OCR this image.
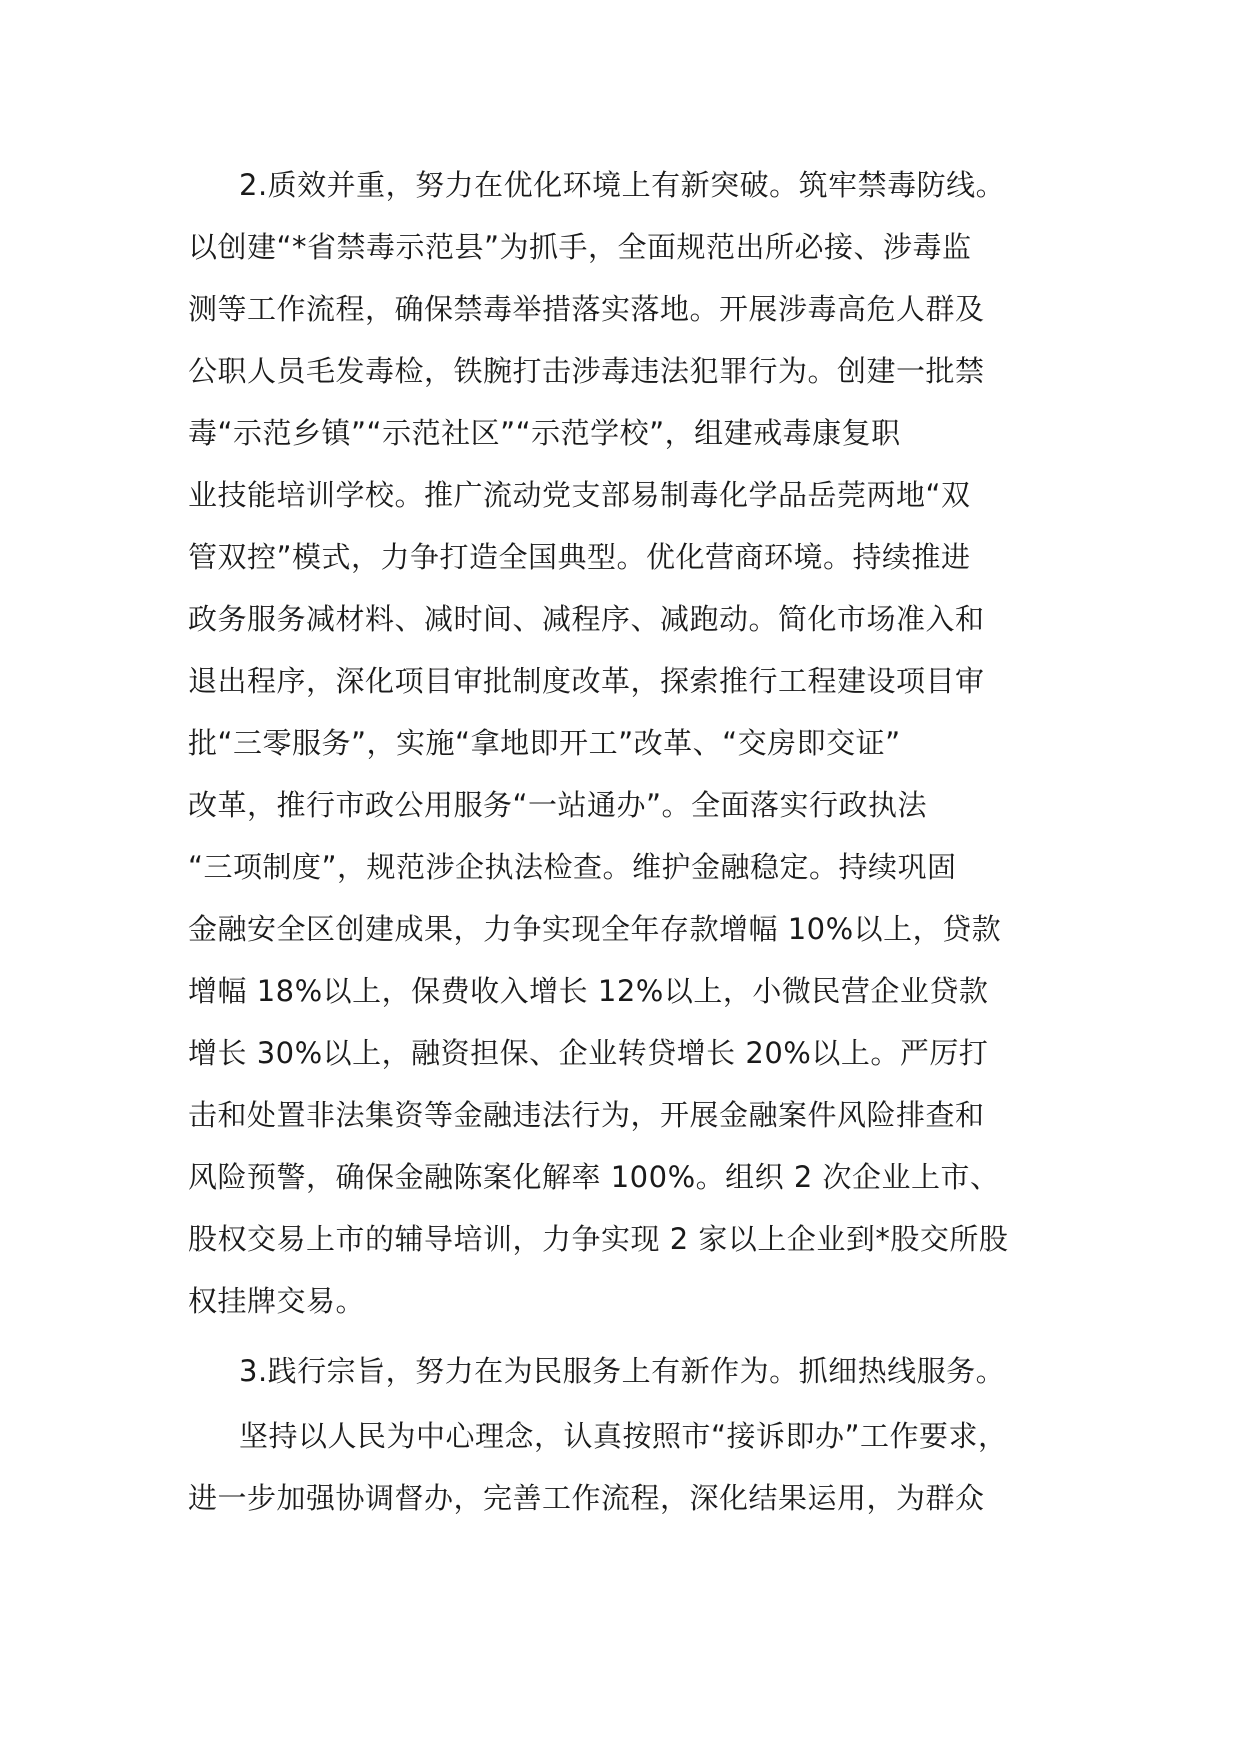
2.质效并重，努力在优化环境上有新突破。筑牢禁毒防线。
以创建“*省禁毒示范县”为抓手，全面规范出所必接、涉毒监
测等工作流程，确保禁毒举措落实落地。开展涉毒高危人群及
公职人员毛发毒检，铁腕打击涉毒违法犯罪行为。创建一批禁
毒“示范乡镇”“示范社区”“示范学校”，组建戒毒康复职
业技能培训学校。推广流动党支部易制毒化学品岳莞两地“双
管双控”模式，力争打造全国典型。优化营商环境。持续推进
政务服务减材料、减时间、减程序、减跑动。简化市场准入和
退出程序，深化项目审批制度改革，探索推行工程建设项目审
批“三零服务”，实施“拿地即开工”改革、“交房即交证”
改革，推行市政公用服务“一站通办”。全面落实行政执法
“三项制度”，规范涉企执法检查。维护金融稳定。持续巩固
金融安全区创建成果，力争实现全年存款增幅 10%以上，贷款
增幅 18%以上，保费收入增长 12%以上，小微民营企业贷款
增长 30%以上，融资担保、企业转贷增长 20%以上。严厉打
击和处置非法集资等金融违法行为，开展金融案件风险排查和
风险预警，确保金融陈案化解率 100%。组织 2 次企业上市、
股权交易上市的辅导培训，力争实现 2 家以上企业到*股交所股
权挂牌交易。
3.践行宗旨，努力在为民服务上有新作为。抓细热线服务。
坚持以人民为中心理念，认真按照市“接诉即办”工作要求，
进一步加强协调督办，完善工作流程，深化结果运用，为群众
